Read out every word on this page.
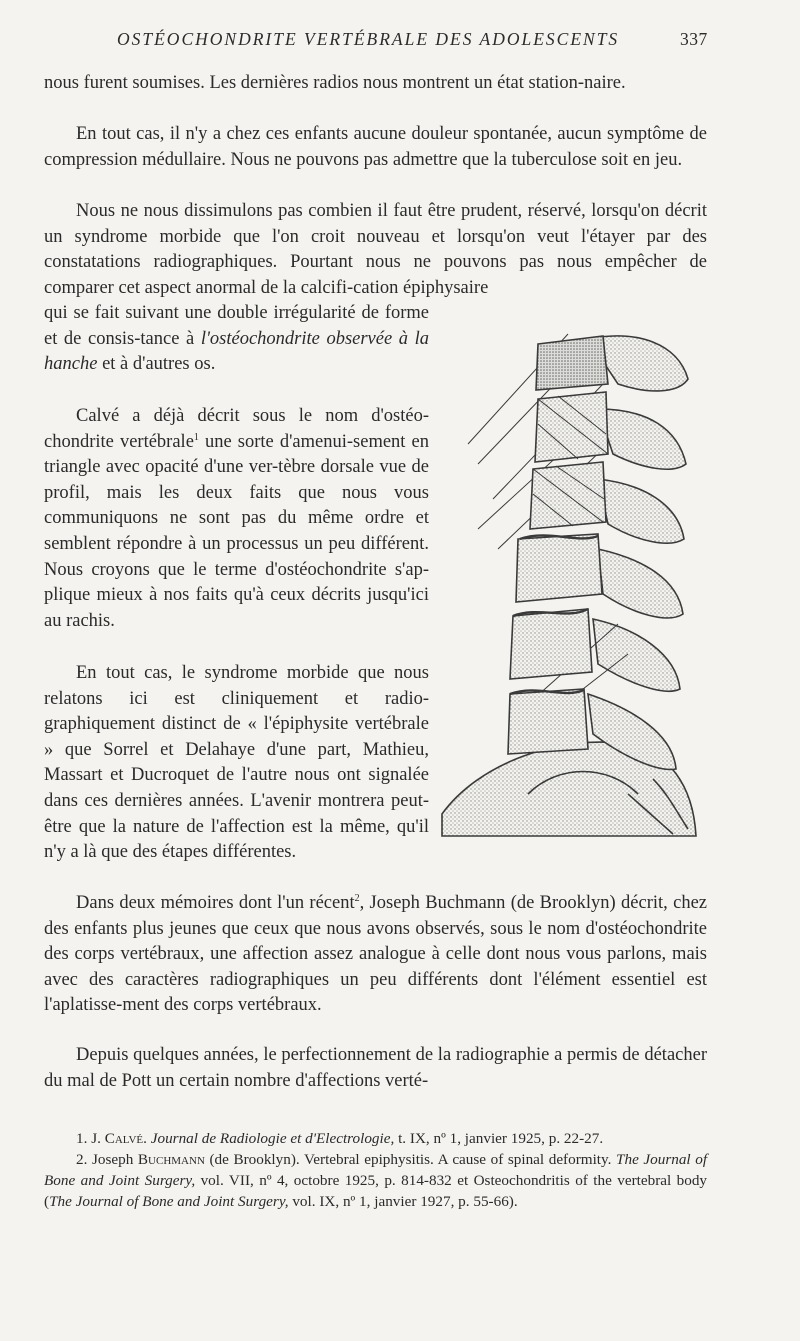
OSTÉOCHONDRITE VERTÉBRALE DES ADOLESCENTS	337

nous furent soumises. Les dernières radios nous montrent un état station-naire.

En tout cas, il n'y a chez ces enfants aucune douleur spontanée, aucun symptôme de compression médullaire. Nous ne pouvons pas admettre que la tuberculose soit en jeu.

Nous ne nous dissimulons pas combien il faut être prudent, réservé, lorsqu'on décrit un syndrome morbide que l'on croit nouveau et lorsqu'on veut l'étayer par des constatations radiographiques. Pourtant nous ne pouvons pas nous empêcher de comparer cet aspect anormal de la calcifi-cation épiphysaire
qui se fait suivant une double irrégularité de forme et de consis-tance à l'ostéochondrite observée à la hanche et à d'autres os.
Calvé a déjà décrit sous le nom d'ostéo-chondrite vertébrale$^1$ une sorte d'amenui-sement en triangle avec opacité d'une ver-tèbre dorsale vue de profil, mais les deux faits que nous vous communiquons ne sont pas du même ordre et semblent répondre à un processus un peu différent. Nous croyons que le terme d'ostéochondrite s'ap-plique mieux à nos faits qu'à ceux décrits jusqu'ici au rachis.
En tout cas, le syndrome morbide que nous relatons ici est cliniquement et radio-graphiquement distinct de « l'épiphysite vertébrale » que Sorrel et Delahaye d'une part, Mathieu, Massart et Ducroquet de l'autre nous ont signalée dans ces dernières années. L'avenir montrera peut-être que la nature de l'affection est la même, qu'il n'y a là que des étapes différentes.
Dans deux mémoires dont l'un récent$^2$, Joseph Buchmann (de Brooklyn) décrit, chez des enfants plus jeunes que ceux que nous avons observés, sous le nom d'ostéochondrite des corps vertébraux, une affection assez analogue à celle dont nous vous parlons, mais avec des caractères radiographiques un peu différents dont l'élément essentiel est l'aplatisse-ment des corps vertébraux.
Depuis quelques années, le perfectionnement de la radiographie a permis de détacher du mal de Pott un certain nombre d'affections verté-

1. J. Calvé. Journal de Radiologie et d'Electrologie, t. IX, nº 1, janvier 1925, p. 22-27.

2. Joseph Buchmann (de Brooklyn). Vertebral epiphysitis. A cause of spinal deformity. The Journal of Bone and Joint Surgery, vol. VII, nº 4, octobre 1925, p. 814-832 et Osteochondritis of the vertebral body (The Journal of Bone and Joint Surgery, vol. IX, nº 1, janvier 1927, p. 55-66).
